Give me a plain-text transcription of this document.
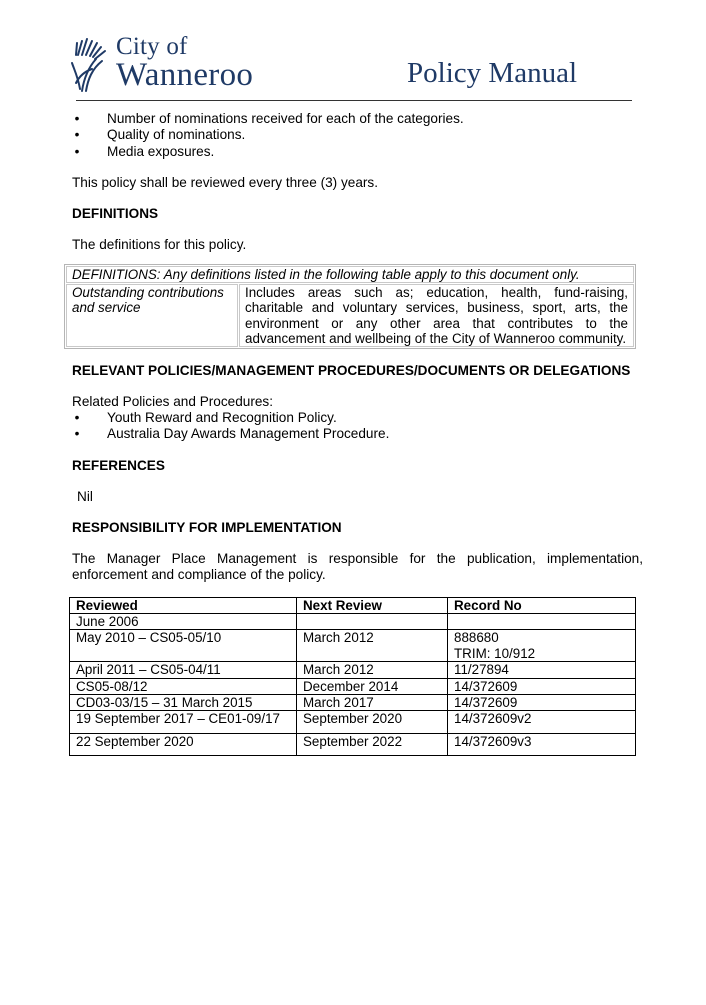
City of
Wanneroo	Policy Manual
• Number of nominations received for each of the categories.
• Quality of nominations.
• Media exposures.

This policy shall be reviewed every three (3) years.

DEFINITIONS

The definitions for this policy.

DEFINITIONS: Any definitions listed in the following table apply to this document only.
Outstanding contributions and service	Includes areas such as; education, health, fund-raising, charitable and voluntary services, business, sport, arts, the environment or any other area that contributes to the advancement and wellbeing of the City of Wanneroo community.
RELEVANT POLICIES/MANAGEMENT PROCEDURES/DOCUMENTS OR DELEGATIONS

Related Policies and Procedures:

• Youth Reward and Recognition Policy.
• Australia Day Awards Management Procedure.
REFERENCES

Nil

RESPONSIBILITY FOR IMPLEMENTATION

The Manager Place Management is responsible for the publication, implementation, enforcement and compliance of the policy.

Reviewed	Next Review	Record No
June 2006		
May 2010 – CS05-05/10	March 2012	888680
TRIM: 10/912

April 2011 – CS05-04/11	March 2012	11/27894
CS05-08/12	December 2014	14/372609
CD03-03/15 – 31 March 2015	March 2017	14/372609
19 September 2017 – CE01-09/17	September 2020	14/372609v2
22 September 2020	September 2022	14/372609v3
